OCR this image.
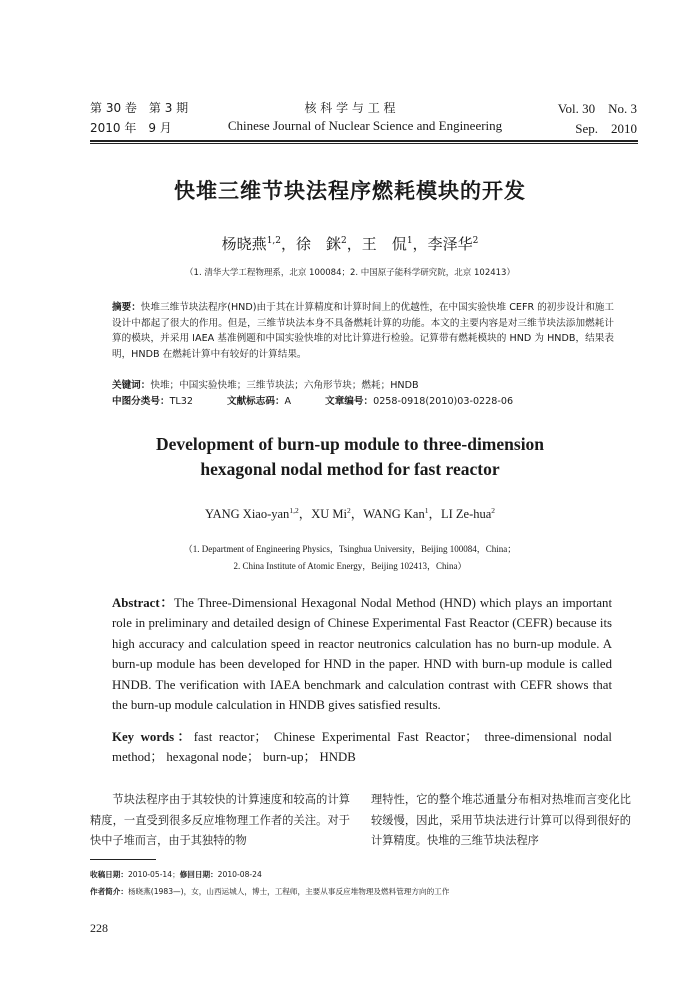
第 30 卷　第 3 期
2010 年　9 月
核 科 学 与 工 程
Chinese Journal of Nuclear Science and Engineering
Vol. 30　No. 3
Sep.　2010
快堆三维节块法程序燃耗模块的开发
杨晓燕$^{1,2}$，徐　銤$^2$，王　侃$^1$，李泽华$^2$
（1. 清华大学工程物理系，北京 100084；2. 中国原子能科学研究院，北京 102413）
摘要：快堆三维节块法程序(HND)由于其在计算精度和计算时间上的优越性，在中国实验快堆 CEFR 的初步设计和施工设计中都起了很大的作用。但是，三维节块法本身不具备燃耗计算的功能。本文的主要内容是对三维节块法添加燃耗计算的模块，并采用 IAEA 基准例题和中国实验快堆的对比计算进行检验。记算带有燃耗模块的 HND 为 HNDB，结果表明，HNDB 在燃耗计算中有较好的计算结果。
关键词：快堆；中国实验快堆；三维节块法；六角形节块；燃耗；HNDB
中图分类号：TL32	文献标志码：A	文章编号：0258-0918(2010)03-0228-06
Development of burn-up module to three-dimension
hexagonal nodal method for fast reactor
YANG Xiao-yan$^{1,2}$，XU Mi$^2$，WANG Kan$^1$，LI Ze-hua$^2$
（1. Department of Engineering Physics，Tsinghua University，Beijing 100084，China；
2. China Institute of Atomic Energy，Beijing 102413，China）
Abstract：The Three-Dimensional Hexagonal Nodal Method (HND) which plays an important role in preliminary and detailed design of Chinese Experimental Fast Reactor (CEFR) because its high accuracy and calculation speed in reactor neutronics calculation has no burn-up module. A burn-up module has been developed for HND in the paper. HND with burn-up module is called HNDB. The verification with IAEA benchmark and calculation contrast with CEFR shows that the burn-up module calculation in HNDB gives satisfied results.
Key words：fast reactor； Chinese Experimental Fast Reactor； three-dimensional nodal method； hexagonal node； burn-up； HNDB
节块法程序由于其较快的计算速度和较高的计算精度，一直受到很多反应堆物理工作者的关注。对于快中子堆而言，由于其独特的物
理特性，它的整个堆芯通量分布相对热堆而言变化比较缓慢，因此，采用节块法进行计算可以得到很好的计算精度。快堆的三维节块法程序
收稿日期：2010-05-14；修回日期：2010-08-24
作者简介：杨晓燕(1983—)，女，山西运城人，博士，工程师，主要从事反应堆物理及燃料管理方向的工作
228
